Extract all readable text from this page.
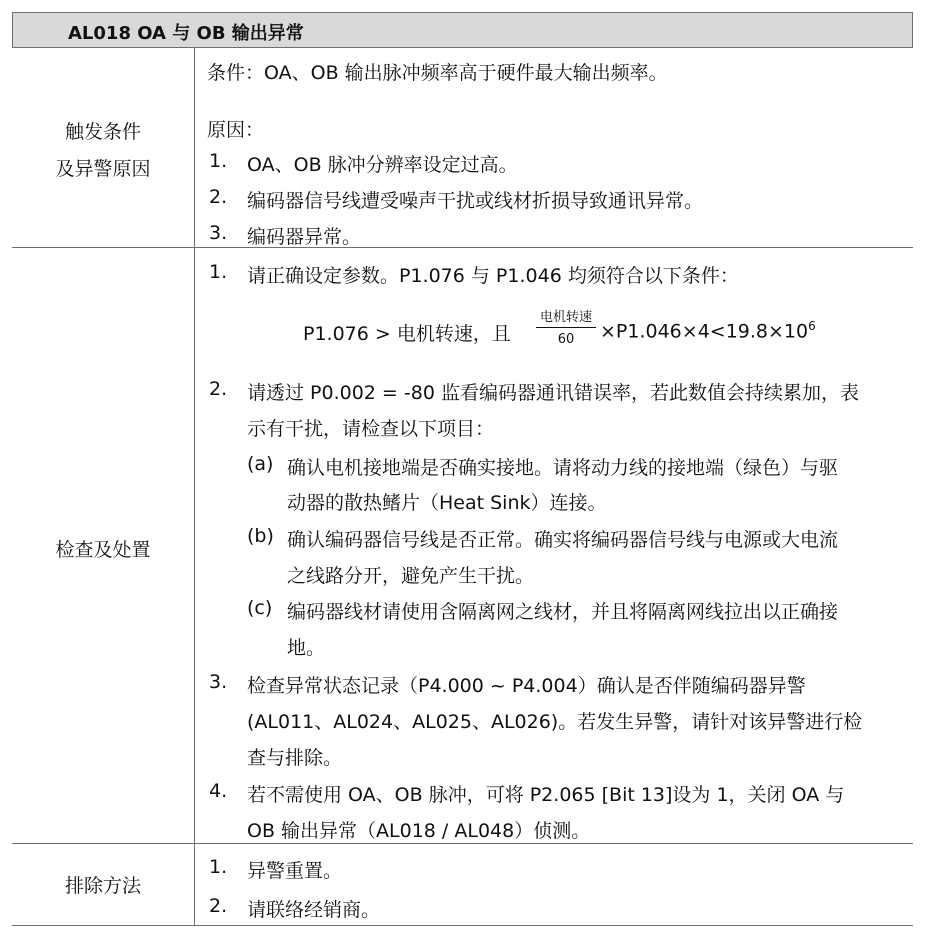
AL018 OA 与 OB 输出异常
触发条件
及异警原因
条件：OA、OB 输出脉冲频率高于硬件最大输出频率。
原因：
1. OA、OB 脉冲分辨率设定过高。
2. 编码器信号线遭受噪声干扰或线材折损导致通讯异常。
3. 编码器异常。
检查及处置
1. 请正确设定参数。P1.076 与 P1.046 均须符合以下条件：
P1.076 > 电机转速，且
电机转速
60	$\times P1.046\times 4<19.8\times 10^6$
2. 请透过 P0.002 = -80 监看编码器通讯错误率，若此数值会持续累加，表
示有干扰，请检查以下项目：
(a) 确认电机接地端是否确实接地。请将动力线的接地端（绿色）与驱
动器的散热鳍片（Heat Sink）连接。
(b) 确认编码器信号线是否正常。确实将编码器信号线与电源或大电流
之线路分开，避免产生干扰。
(c) 编码器线材请使用含隔离网之线材，并且将隔离网线拉出以正确接
地。
3. 检查异常状态记录（P4.000 ~ P4.004）确认是否伴随编码器异警
(AL011、AL024、AL025、AL026)。若发生异警，请针对该异警进行检
查与排除。
4. 若不需使用 OA、OB 脉冲，可将 P2.065 [Bit 13]设为 1，关闭 OA 与
OB 输出异常（AL018 / AL048）侦测。
排除方法
1. 异警重置。
2. 请联络经销商。
